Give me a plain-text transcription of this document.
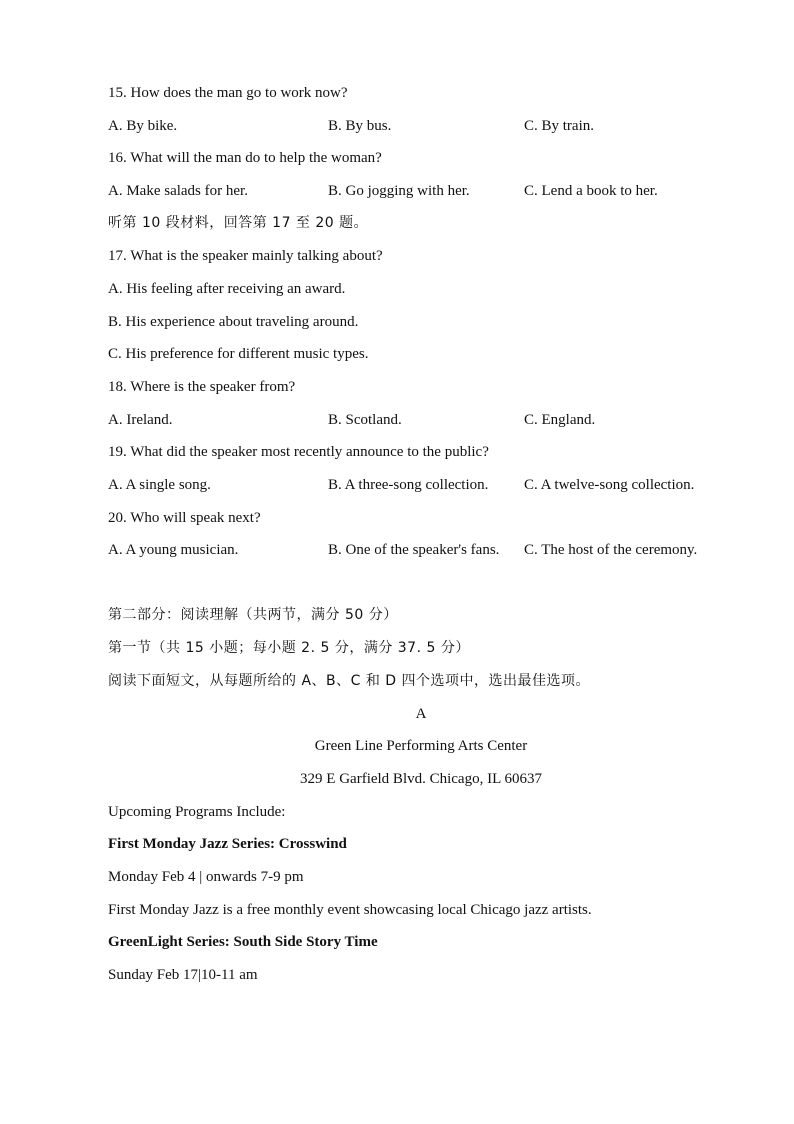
15. How does the man go to work now?
A. By bike.	B. By bus.	C. By train.
16. What will the man do to help the woman?
A. Make salads for her.	B. Go jogging with her.	C. Lend a book to her.
听第 10 段材料，回答第 17 至 20 题。
17. What is the speaker mainly talking about?
A. His feeling after receiving an award.
B. His experience about traveling around.
C. His preference for different music types.
18. Where is the speaker from?
A. Ireland.	B. Scotland.	C. England.
19. What did the speaker most recently announce to the public?
A. A single song.	B. A three-song collection.	C. A twelve-song collection.
20. Who will speak next?
A. A young musician.	B. One of the speaker's fans.	C. The host of the ceremony.
第二部分：阅读理解（共两节，满分 50 分）
第一节（共 15 小题；每小题 2. 5 分，满分 37. 5 分）
阅读下面短文，从每题所给的 A、B、C 和 D 四个选项中，选出最佳选项。
A
Green Line Performing Arts Center
329 E Garfield Blvd. Chicago, IL 60637
Upcoming Programs Include:
First Monday Jazz Series: Crosswind
Monday Feb 4 | onwards 7-9 pm
First Monday Jazz is a free monthly event showcasing local Chicago jazz artists.
GreenLight Series: South Side Story Time
Sunday Feb 17|10-11 am
